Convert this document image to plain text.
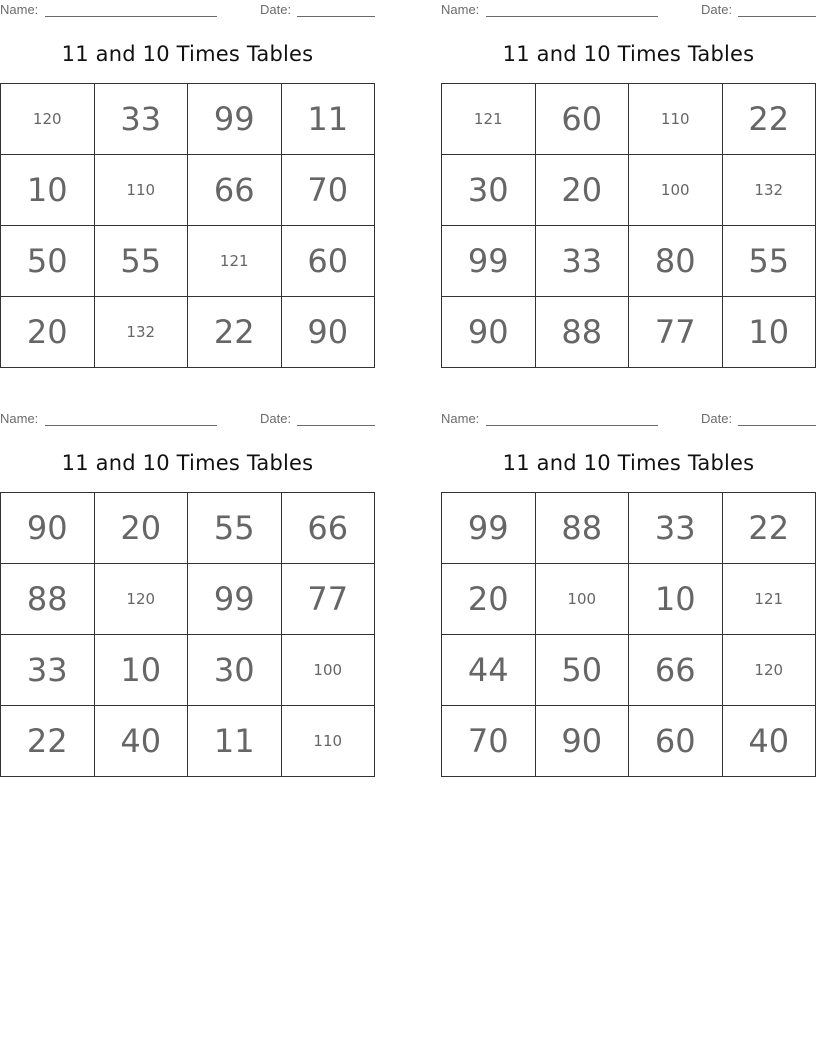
Name:	Date:
11 and 10 Times Tables
120	33	99	11
10	110	66	70
50	55	121	60
20	132	22	90
Name:	Date:
11 and 10 Times Tables
121	60	110	22
30	20	100	132
99	33	80	55
90	88	77	10
Name:	Date:
11 and 10 Times Tables
90	20	55	66
88	120	99	77
33	10	30	100
22	40	11	110
Name:	Date:
11 and 10 Times Tables
99	88	33	22
20	100	10	121
44	50	66	120
70	90	60	40
